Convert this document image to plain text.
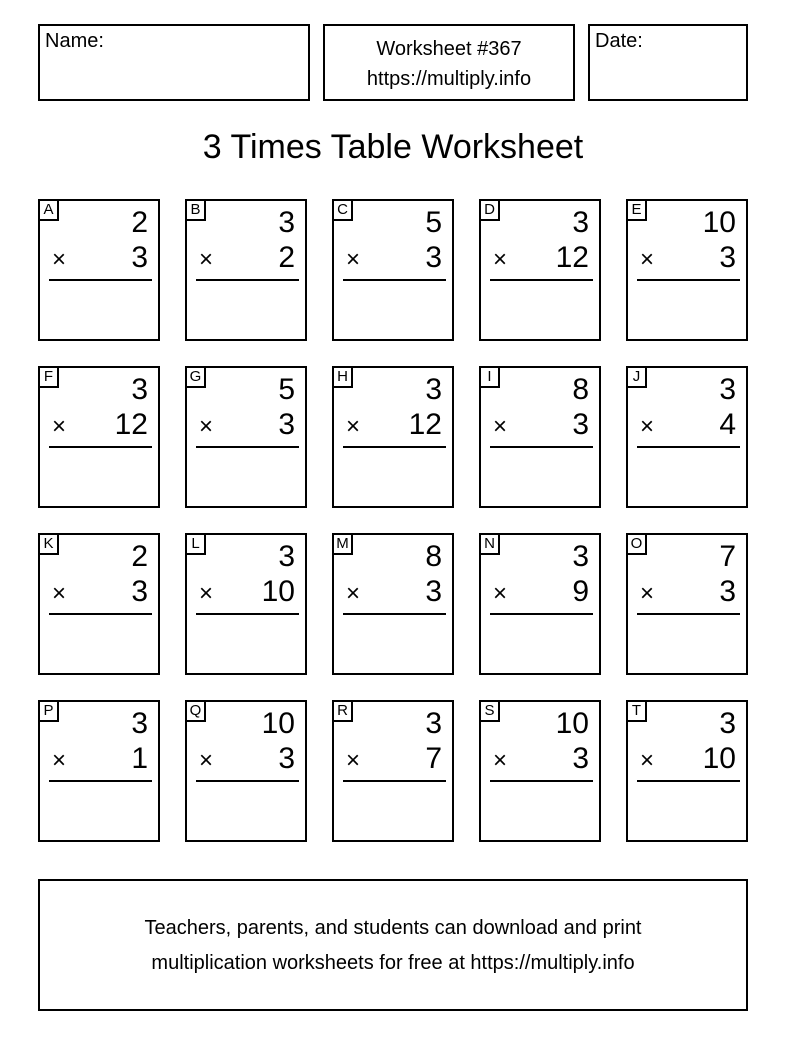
Name:	Worksheet #367
https://multiply.info
Date:
3 Times Table Worksheet
A	2
× 3
B	3
× 2
C	5
× 3
D	3
× 12
E 10
× 3
F	3
× 12
G	5
× 3
H	3
× 12
I	8
× 3
J	3
× 4
K	2
× 3
L	3
× 10
M	8
× 3
N	3
× 9
O	7
× 3
P	3
× 1
Q 10
× 3
R	3
× 7
S 10
× 3
T	3
× 10
Teachers, parents, and students can download and print
multiplication worksheets for free at https://multiply.info
